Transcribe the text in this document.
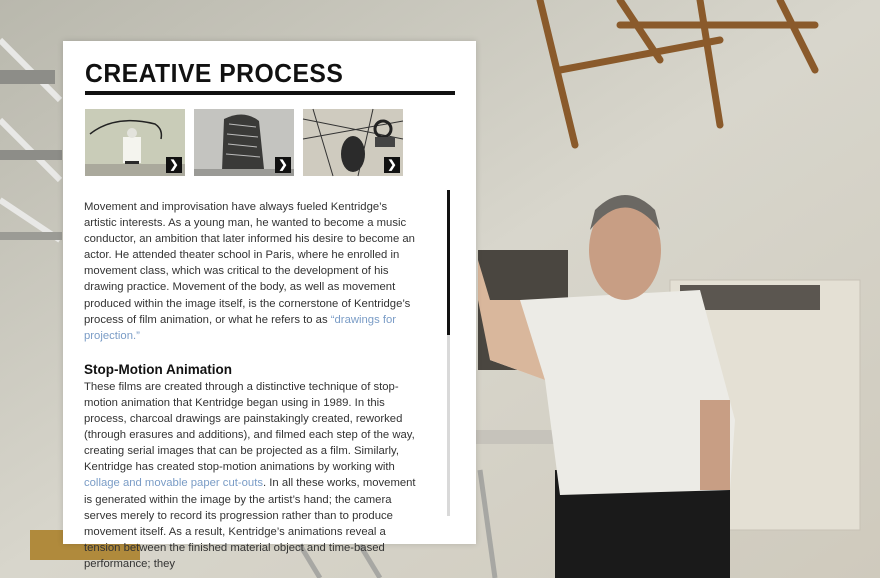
CREATIVE PROCESS
❯	❯	❯

Movement and improvisation have always fueled Kentridge’s artistic interests. As a young man, he wanted to become a music conductor, an ambition that later informed his desire to become an actor. He attended theater school in Paris, where he enrolled in movement class, which was critical to the development of his drawing practice. Movement of the body, as well as movement produced within the image itself, is the cornerstone of Kentridge’s process of film animation, or what he refers to as “drawings for projection.”

Stop-Motion Animation

These films are created through a distinctive technique of stop-motion animation that Kentridge began using in 1989. In this process, charcoal drawings are painstakingly created, reworked (through erasures and additions), and filmed each step of the way, creating serial images that can be projected as a film. Similarly, Kentridge has created stop-motion animations by working with collage and movable paper cut-outs. In all these works, movement is generated within the image by the artist’s hand; the camera serves merely to record its progression rather than to produce movement itself. As a result, Kentridge’s animations reveal a tension between the finished material object and time-based performance; they
